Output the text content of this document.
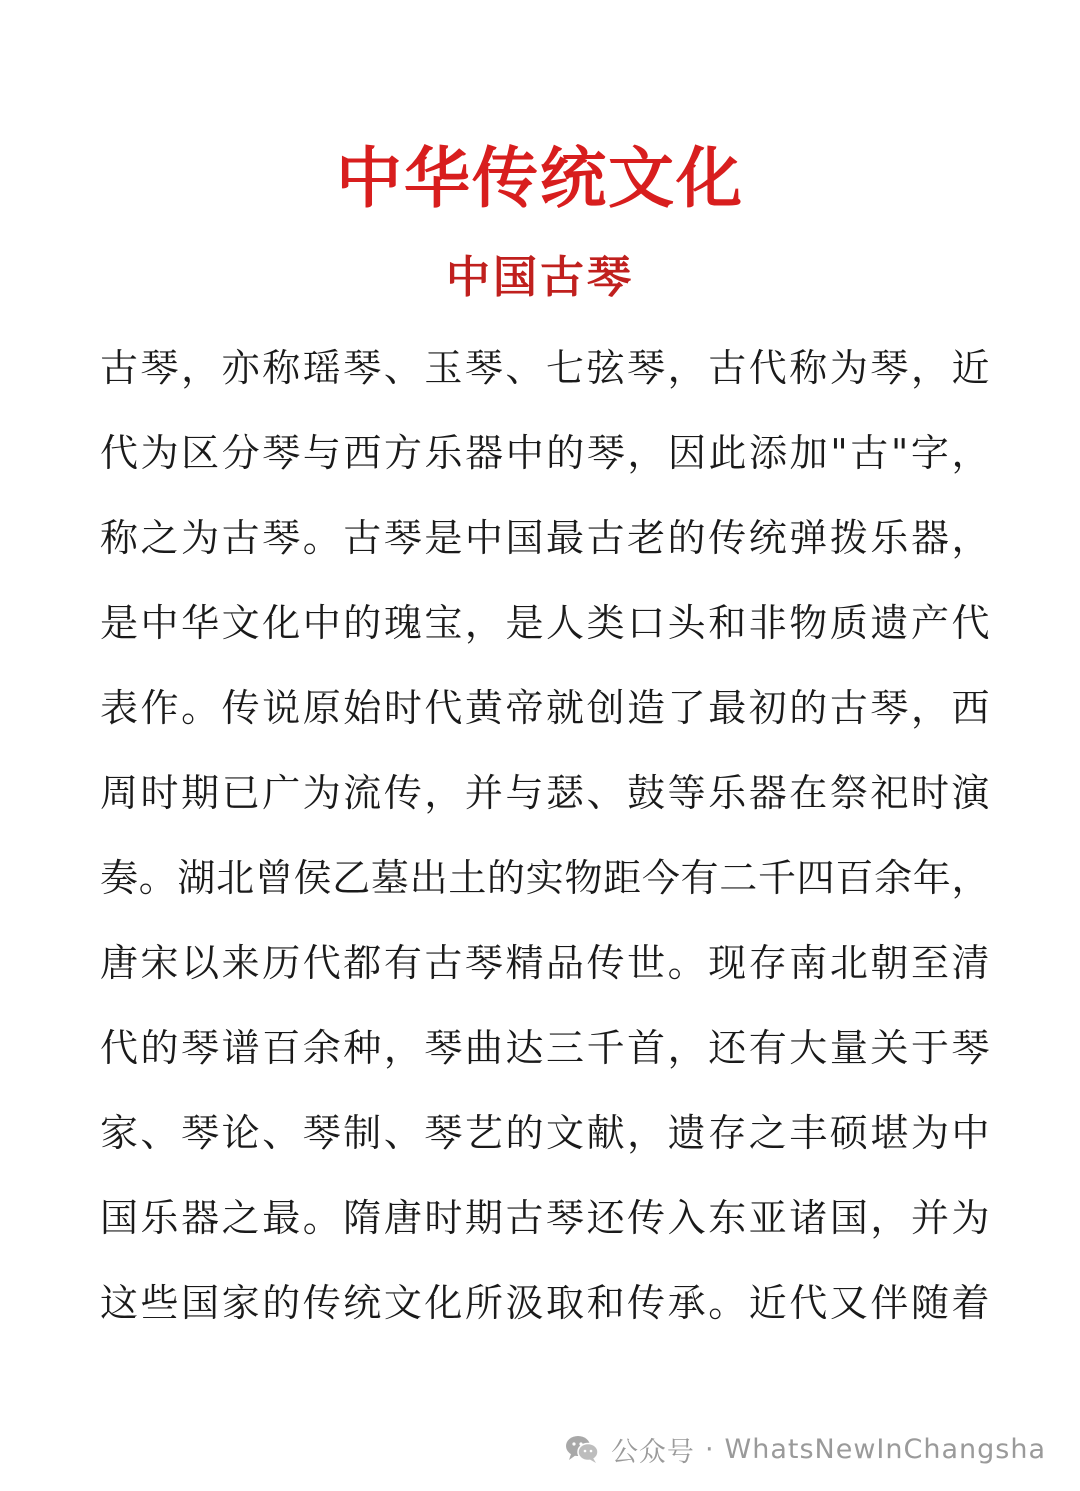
中华传统文化
中国古琴
古琴，亦称瑶琴、玉琴、七弦琴，古代称为琴，近
代为区分琴与西方乐器中的琴，因此添加"古"字，
称之为古琴。古琴是中国最古老的传统弹拨乐器，
是中华文化中的瑰宝，是人类口头和非物质遗产代
表作。传说原始时代黄帝就创造了最初的古琴，西
周时期已广为流传，并与瑟、鼓等乐器在祭祀时演
奏。湖北曾侯乙墓出土的实物距今有二千四百余年，
唐宋以来历代都有古琴精品传世。现存南北朝至清
代的琴谱百余种，琴曲达三千首，还有大量关于琴
家、琴论、琴制、琴艺的文献，遗存之丰硕堪为中
国乐器之最。隋唐时期古琴还传入东亚诸国，并为
这些国家的传统文化所汲取和传承。近代又伴随着
公众号 · WhatsNewInChangsha
